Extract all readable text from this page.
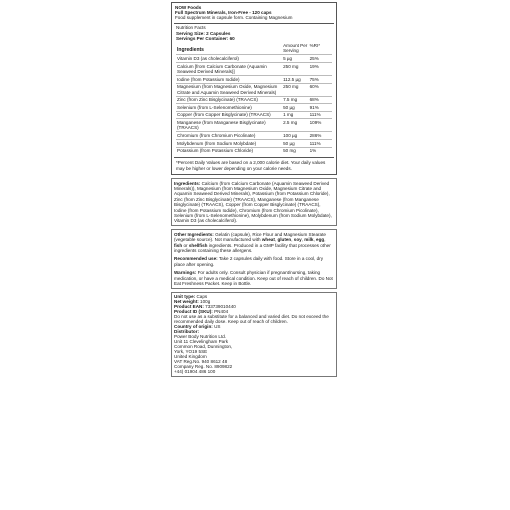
NOW Foods
Full Spectrum Minerals, Iron-Free - 120 caps
Food supplement in capsule form. Containing Magnesium
Nutrition Facts
Serving Size: 2 Capsules
Servings Per Container: 60
Ingredients	Amount Per Serving	%RI*
Vitamin D3 (as cholecalciferol)	5 µg	25%
Calcium [from Calcium Carbonate (Aquamin Seaweed Derived Minerals)]	250 mg	19%
Iodine (from Potassium Iodide)	112.5 µg	75%
Magnesium (from Magnesium Oxide, Magnesium Citrate and Aquamin Seaweed Derived Minerals)	250 mg	60%
Zinc (from Zinc Bisglycinate) (TRAACS)	7.5 mg	68%
Selenium (from L-Selenomethionine)	50 µg	91%
Copper (from Copper Bisglycinate) (TRAACS)	1 mg	111%
Manganese (from Manganese Bisglycinate) (TRAACS)	2.5 mg	109%
Chromium (from Chromium Picolinate)	100 µg	286%
Molybdenum (from Sodium Molybdate)	50 µg	111%
Potassium (from Potassium Chloride)	50 mg	1%
*Percent Daily Values are based on a 2,000 calorie diet. Your daily values may be higher or lower depending on your calorie needs.

Ingredients: Calcium (from Calcium Carbonate (Aquamin Seaweed Derived Minerals)), Magnesium (from Magnesium Oxide, Magnesium Citrate and Aquamin Seaweed Derived Minerals), Potassium (from Potassium Chloride), Zinc (from Zinc Bisglycinate) (TRAACS), Manganese (from Manganese Bisglycinate) (TRAACS), Copper (from Copper Bisglycinate) (TRAACS), Iodine (from Potassium Iodide), Chromium (from Chromium Picolinate), Selenium (from L-Selenomethionine), Molybdenum (from Sodium Molybdate), Vitamin D3 (as cholecalciferol).

Other Ingredients: Gelatin (capsule), Rice Flour and Magnesium Stearate (vegetable source). Not manufactured with wheat, gluten, soy, milk, egg, fish or shellfish ingredients. Produced in a GMP facility that processes other ingredients containing these allergens.

Recommended use: Take 2 capsules daily with food. Store in a cool, dry place after opening.

Warnings: For adults only. Consult physician if pregnant/nursing, taking medication, or have a medical condition. Keep out of reach of children. Do Not Eat Freshness Packet. Keep in Bottle.

Unit type: Caps
Net weight: 100g
Product EAN: 733739010440
Product ID (SKU): PN404
Do not use as a substitute for a balanced and varied diet. Do not exceed the recommended daily dose. Keep out of reach of children.
Country of origin: US
Distributor:
Power Body Nutrition Ltd.
Unit 11 Clevelingham Park
Common Road, Dunnington,
York, YO19 5SE
United Kingdom
VAT Reg.No. 940 8612 48
Company Reg. No. 8909822
+44) 01904 486 100
